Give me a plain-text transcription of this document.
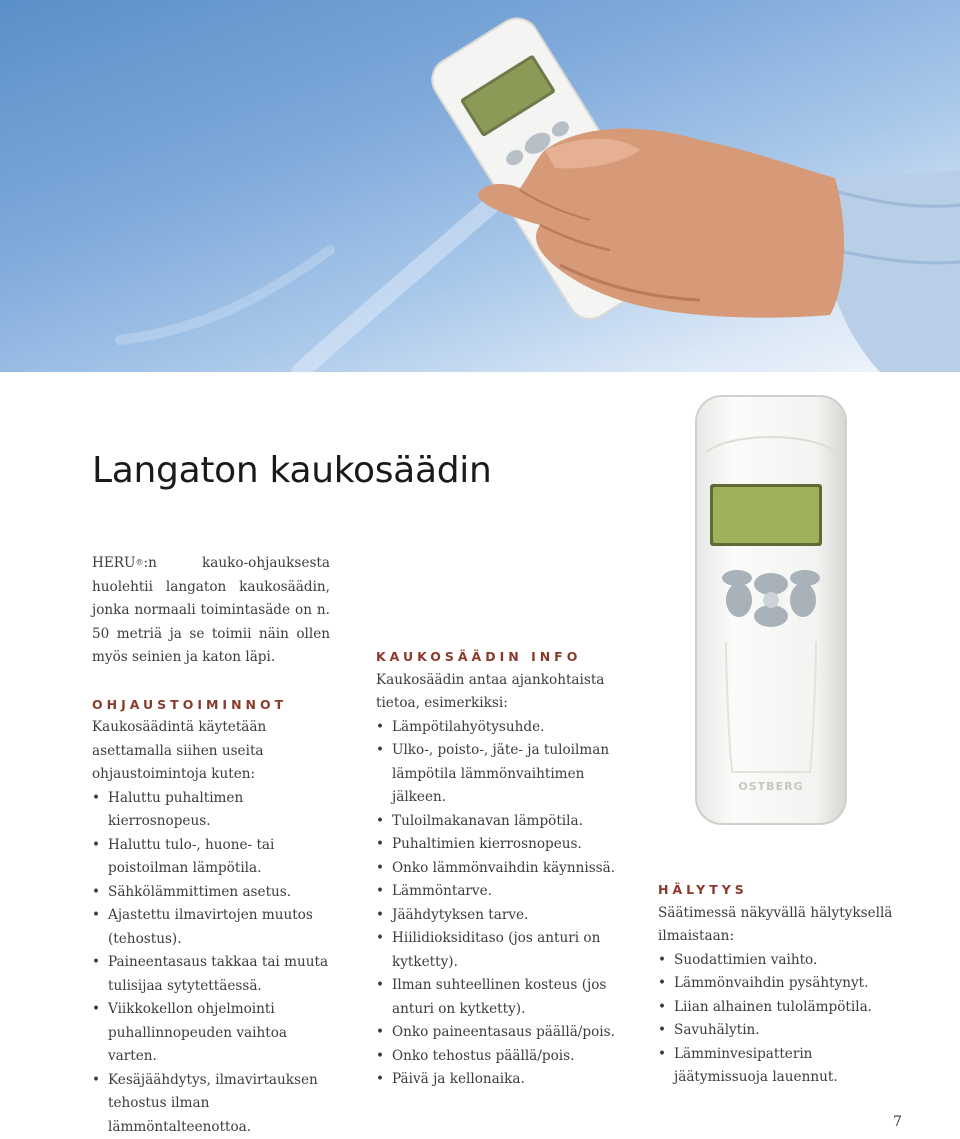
Langaton kaukosäädin
OSTBERG

HERU®:n kauko-ohjauksesta huolehtii langaton kaukosäädin, jonka normaali toimintasäde on n. 50 metriä ja se toimii näin ollen myös seinien ja katon läpi.

OHJAUSTOIMINNOT

Kaukosäädintä käytetään asettamalla siihen useita ohjaustoimintoja kuten:

• Haluttu puhaltimen kierrosnopeus.
• Haluttu tulo-, huone- tai poistoilman lämpötila.
• Sähkölämmittimen asetus.
• Ajastettu ilmavirtojen muutos (tehostus).
• Paineentasaus takkaa tai muuta tulisijaa sytytettäessä.
• Viikkokellon ohjelmointi puhallinnopeuden vaihtoa varten.
• Kesäjäähdytys, ilmavirtauksen tehostus ilman lämmöntalteenottoa.

KAUKOSÄÄDIN INFO

Kaukosäädin antaa ajankohtaista tietoa, esimerkiksi:

• Lämpötilahyötysuhde.
• Ulko-, poisto-, jäte- ja tuloilman lämpötila lämmönvaihtimen jälkeen.
• Tuloilmakanavan lämpötila.
• Puhaltimien kierrosnopeus.
• Onko lämmönvaihdin käynnissä.
• Lämmöntarve.
• Jäähdytyksen tarve.
• Hiilidioksiditaso (jos anturi on kytketty).
• Ilman suhteellinen kosteus (jos anturi on kytketty).
• Onko paineentasaus päällä/pois.
• Onko tehostus päällä/pois.
• Päivä ja kellonaika.

HÄLYTYS

Säätimessä näkyvällä hälytyksellä ilmaistaan:

• Suodattimien vaihto.
• Lämmönvaihdin pysähtynyt.
• Liian alhainen tulolämpötila.
• Savuhälytin.
• Lämminvesipatterin jäätymissuoja lauennut.
7
